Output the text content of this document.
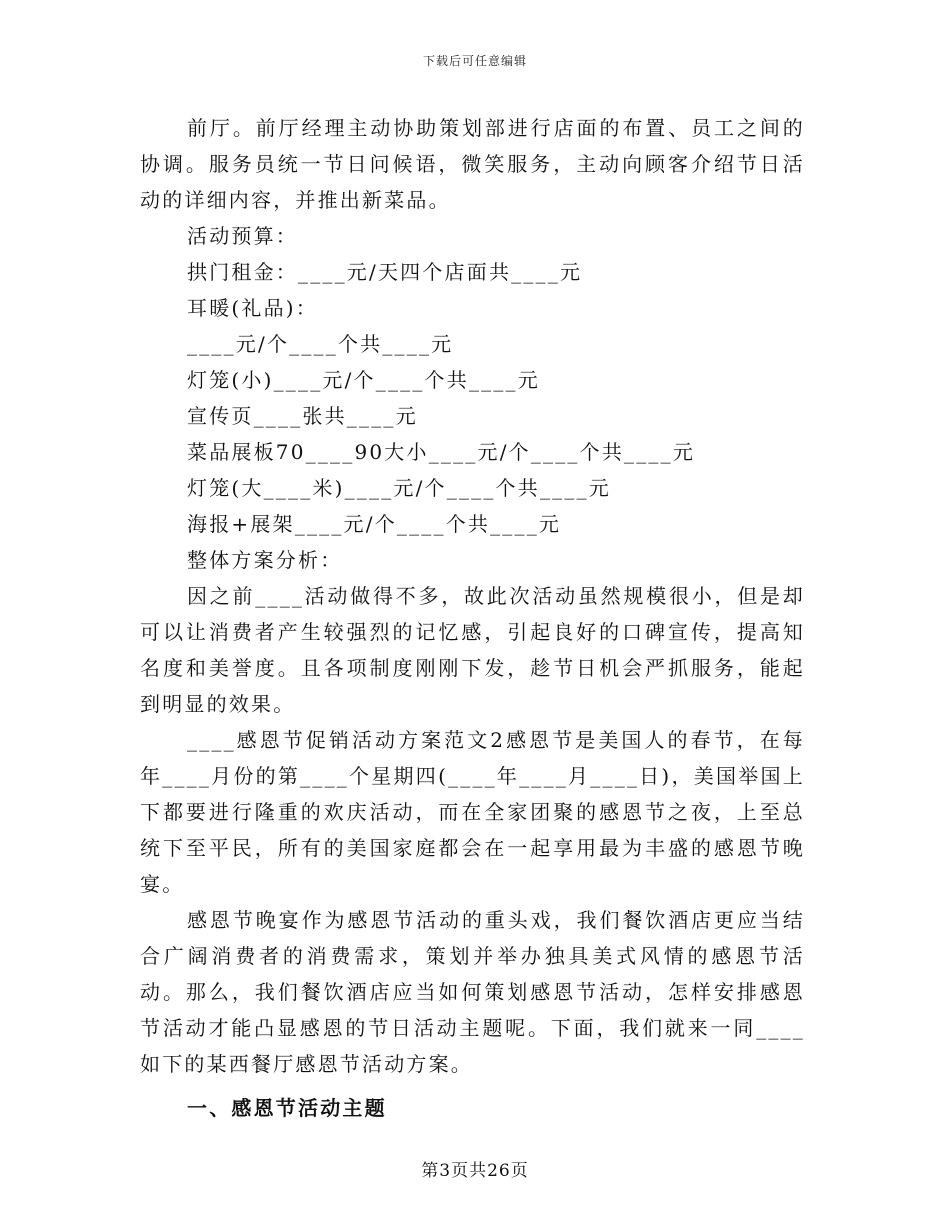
下载后可任意编辑

前厅。前厅经理主动协助策划部进行店面的布置、员工之间的协调。服务员统一节日问候语，微笑服务，主动向顾客介绍节日活动的详细内容，并推出新菜品。

活动预算：

拱门租金：____元/天四个店面共____元

耳暖(礼品)：

____元/个____个共____元

灯笼(小)____元/个____个共____元

宣传页____张共____元

菜品展板70____90大小____元/个____个共____元

灯笼(大____米)____元/个____个共____元

海报+展架____元/个____个共____元

整体方案分析：

因之前____活动做得不多，故此次活动虽然规模很小，但是却可以让消费者产生较强烈的记忆感，引起良好的口碑宣传，提高知名度和美誉度。且各项制度刚刚下发，趁节日机会严抓服务，能起到明显的效果。

____感恩节促销活动方案范文2感恩节是美国人的春节，在每年____月份的第____个星期四(____年____月____日)，美国举国上下都要进行隆重的欢庆活动，而在全家团聚的感恩节之夜，上至总统下至平民，所有的美国家庭都会在一起享用最为丰盛的感恩节晚宴。

感恩节晚宴作为感恩节活动的重头戏，我们餐饮酒店更应当结合广阔消费者的消费需求，策划并举办独具美式风情的感恩节活动。那么，我们餐饮酒店应当如何策划感恩节活动，怎样安排感恩节活动才能凸显感恩的节日活动主题呢。下面，我们就来一同____如下的某西餐厅感恩节活动方案。

一、感恩节活动主题

第3页共26页
